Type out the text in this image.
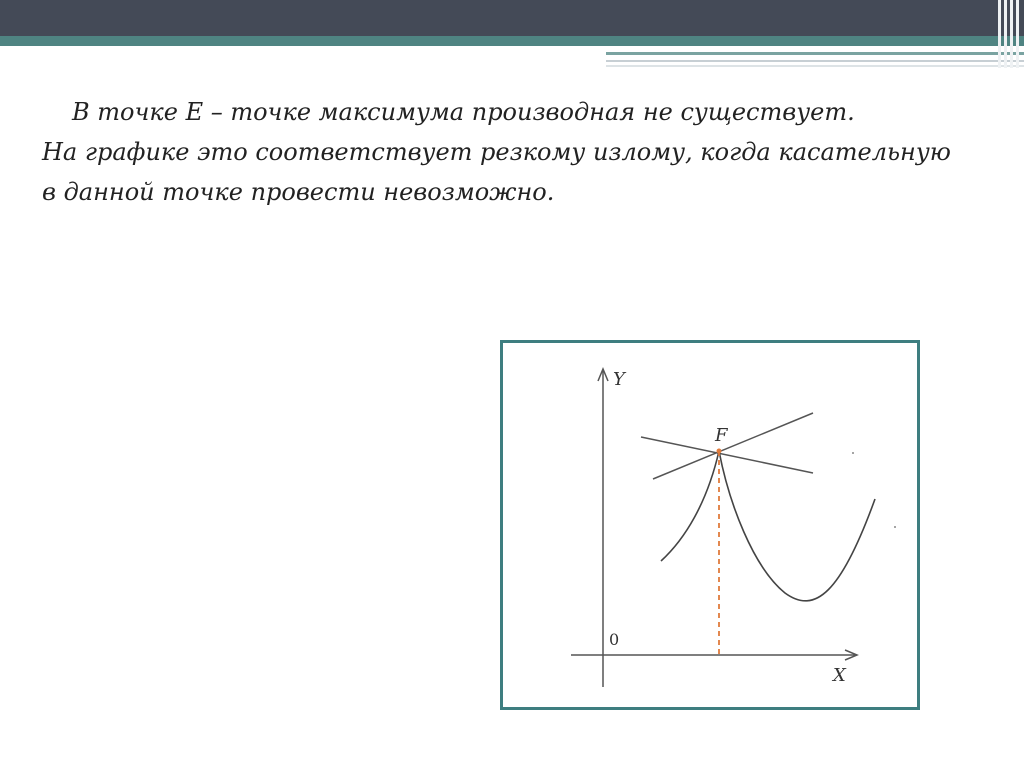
В точке Е – точке максимума производная не существует.
На графике это соответствует резкому излому, когда касательную
в данной точке провести невозможно.
Y
X
0
F
